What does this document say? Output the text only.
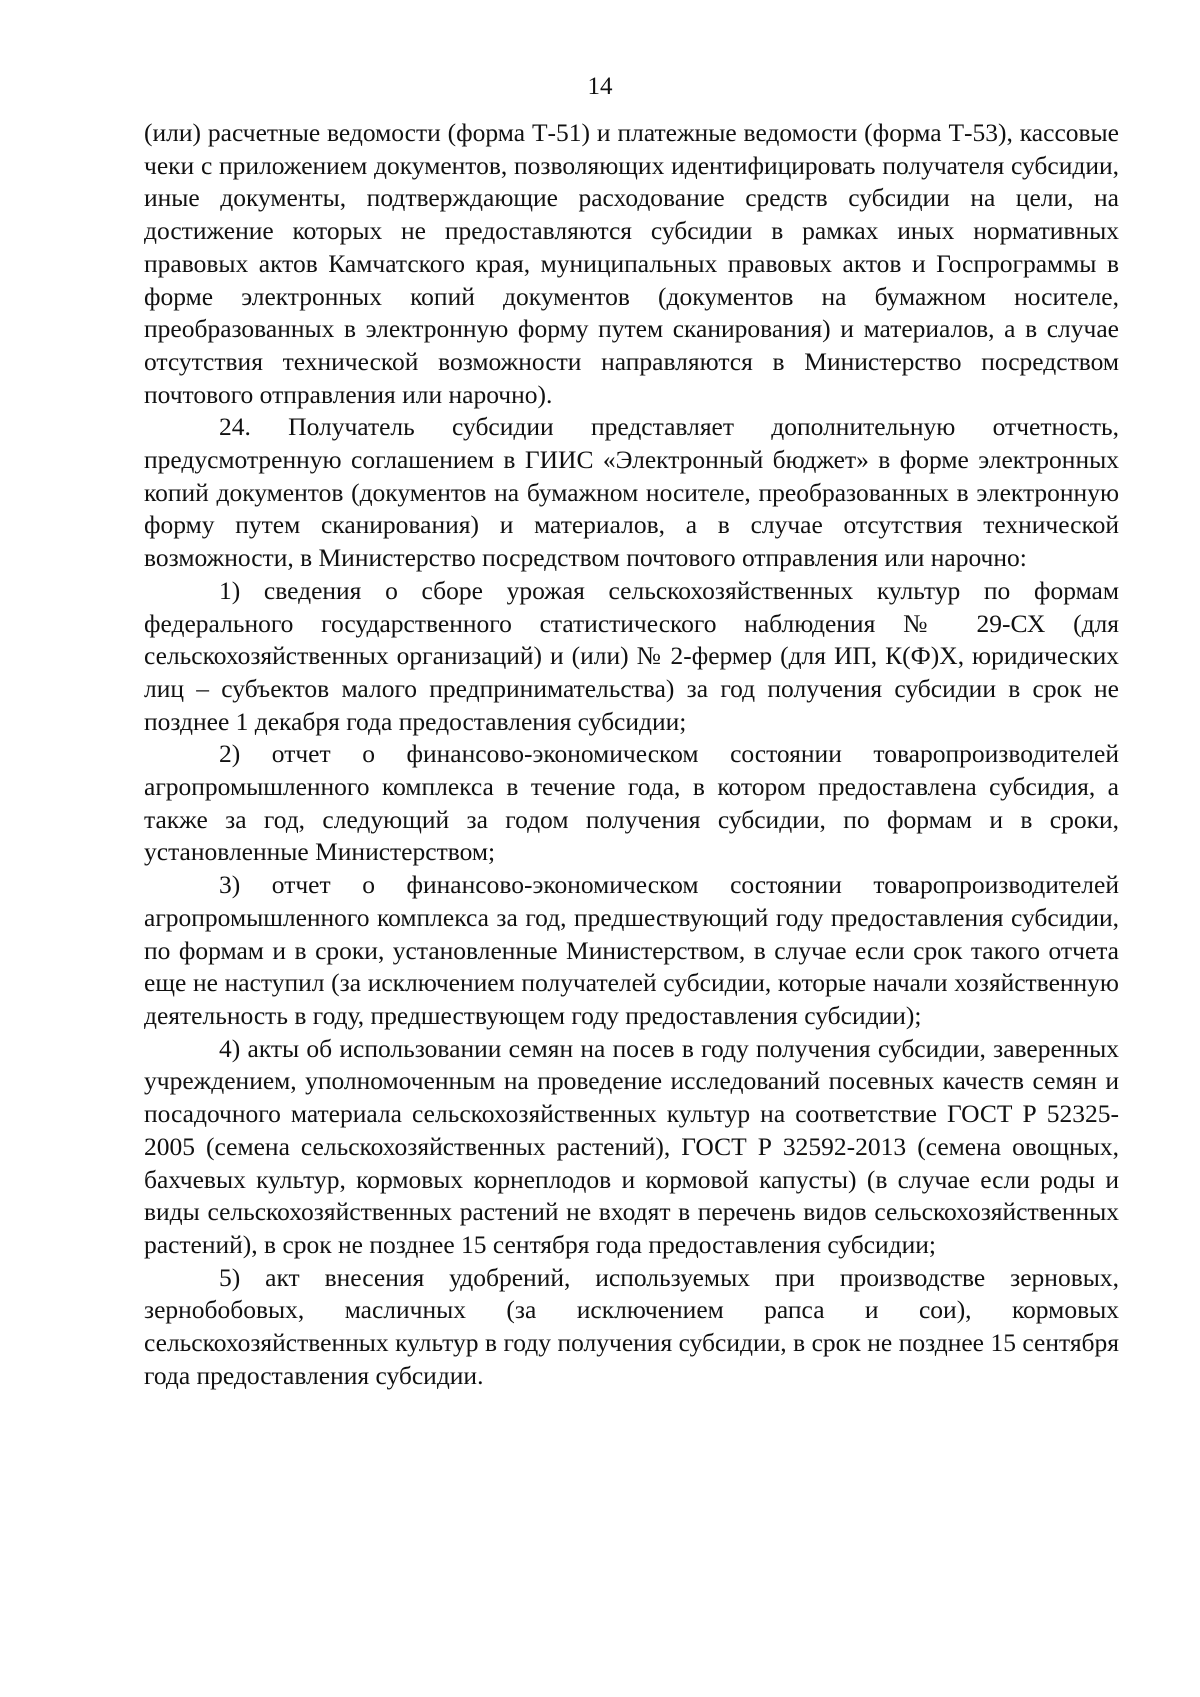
14

(или) расчетные ведомости (форма Т-51) и платежные ведомости (форма Т-53), кассовые чеки с приложением документов, позволяющих идентифицировать получателя субсидии, иные документы, подтверждающие расходование средств субсидии на цели, на достижение которых не предоставляются субсидии в рамках иных нормативных правовых актов Камчатского края, муниципальных правовых актов и Госпрограммы в форме электронных копий документов (документов на бумажном носителе, преобразованных в электронную форму путем сканирования) и материалов, а в случае отсутствия технической возможности направляются в Министерство посредством почтового отправления или нарочно).

24. Получатель субсидии представляет дополнительную отчетность, предусмотренную соглашением в ГИИС «Электронный бюджет» в форме электронных копий документов (документов на бумажном носителе, преобразованных в электронную форму путем сканирования) и материалов, а в случае отсутствия технической возможности, в Министерство посредством почтового отправления или нарочно:

1) сведения о сборе урожая сельскохозяйственных культур по формам федерального государственного статистического наблюдения № 29-СХ (для сельскохозяйственных организаций) и (или) № 2-фермер (для ИП, К(Ф)Х, юридических лиц – субъектов малого предпринимательства) за год получения субсидии в срок не позднее 1 декабря года предоставления субсидии;

2) отчет о финансово-экономическом состоянии товаропроизводителей агропромышленного комплекса в течение года, в котором предоставлена субсидия, а также за год, следующий за годом получения субсидии, по формам и в сроки, установленные Министерством;

3) отчет о финансово-экономическом состоянии товаропроизводителей агропромышленного комплекса за год, предшествующий году предоставления субсидии, по формам и в сроки, установленные Министерством, в случае если срок такого отчета еще не наступил (за исключением получателей субсидии, которые начали хозяйственную деятельность в году, предшествующем году предоставления субсидии);

4) акты об использовании семян на посев в году получения субсидии, заверенных учреждением, уполномоченным на проведение исследований посевных качеств семян и посадочного материала сельскохозяйственных культур на соответствие ГОСТ Р 52325-2005 (семена сельскохозяйственных растений), ГОСТ Р 32592-2013 (семена овощных, бахчевых культур, кормовых корнеплодов и кормовой капусты) (в случае если роды и виды сельскохозяйственных растений не входят в перечень видов сельскохозяйственных растений), в срок не позднее 15 сентября года предоставления субсидии;

5) акт внесения удобрений, используемых при производстве зерновых, зернобобовых, масличных (за исключением рапса и сои), кормовых сельскохозяйственных культур в году получения субсидии, в срок не позднее 15 сентября года предоставления субсидии.
